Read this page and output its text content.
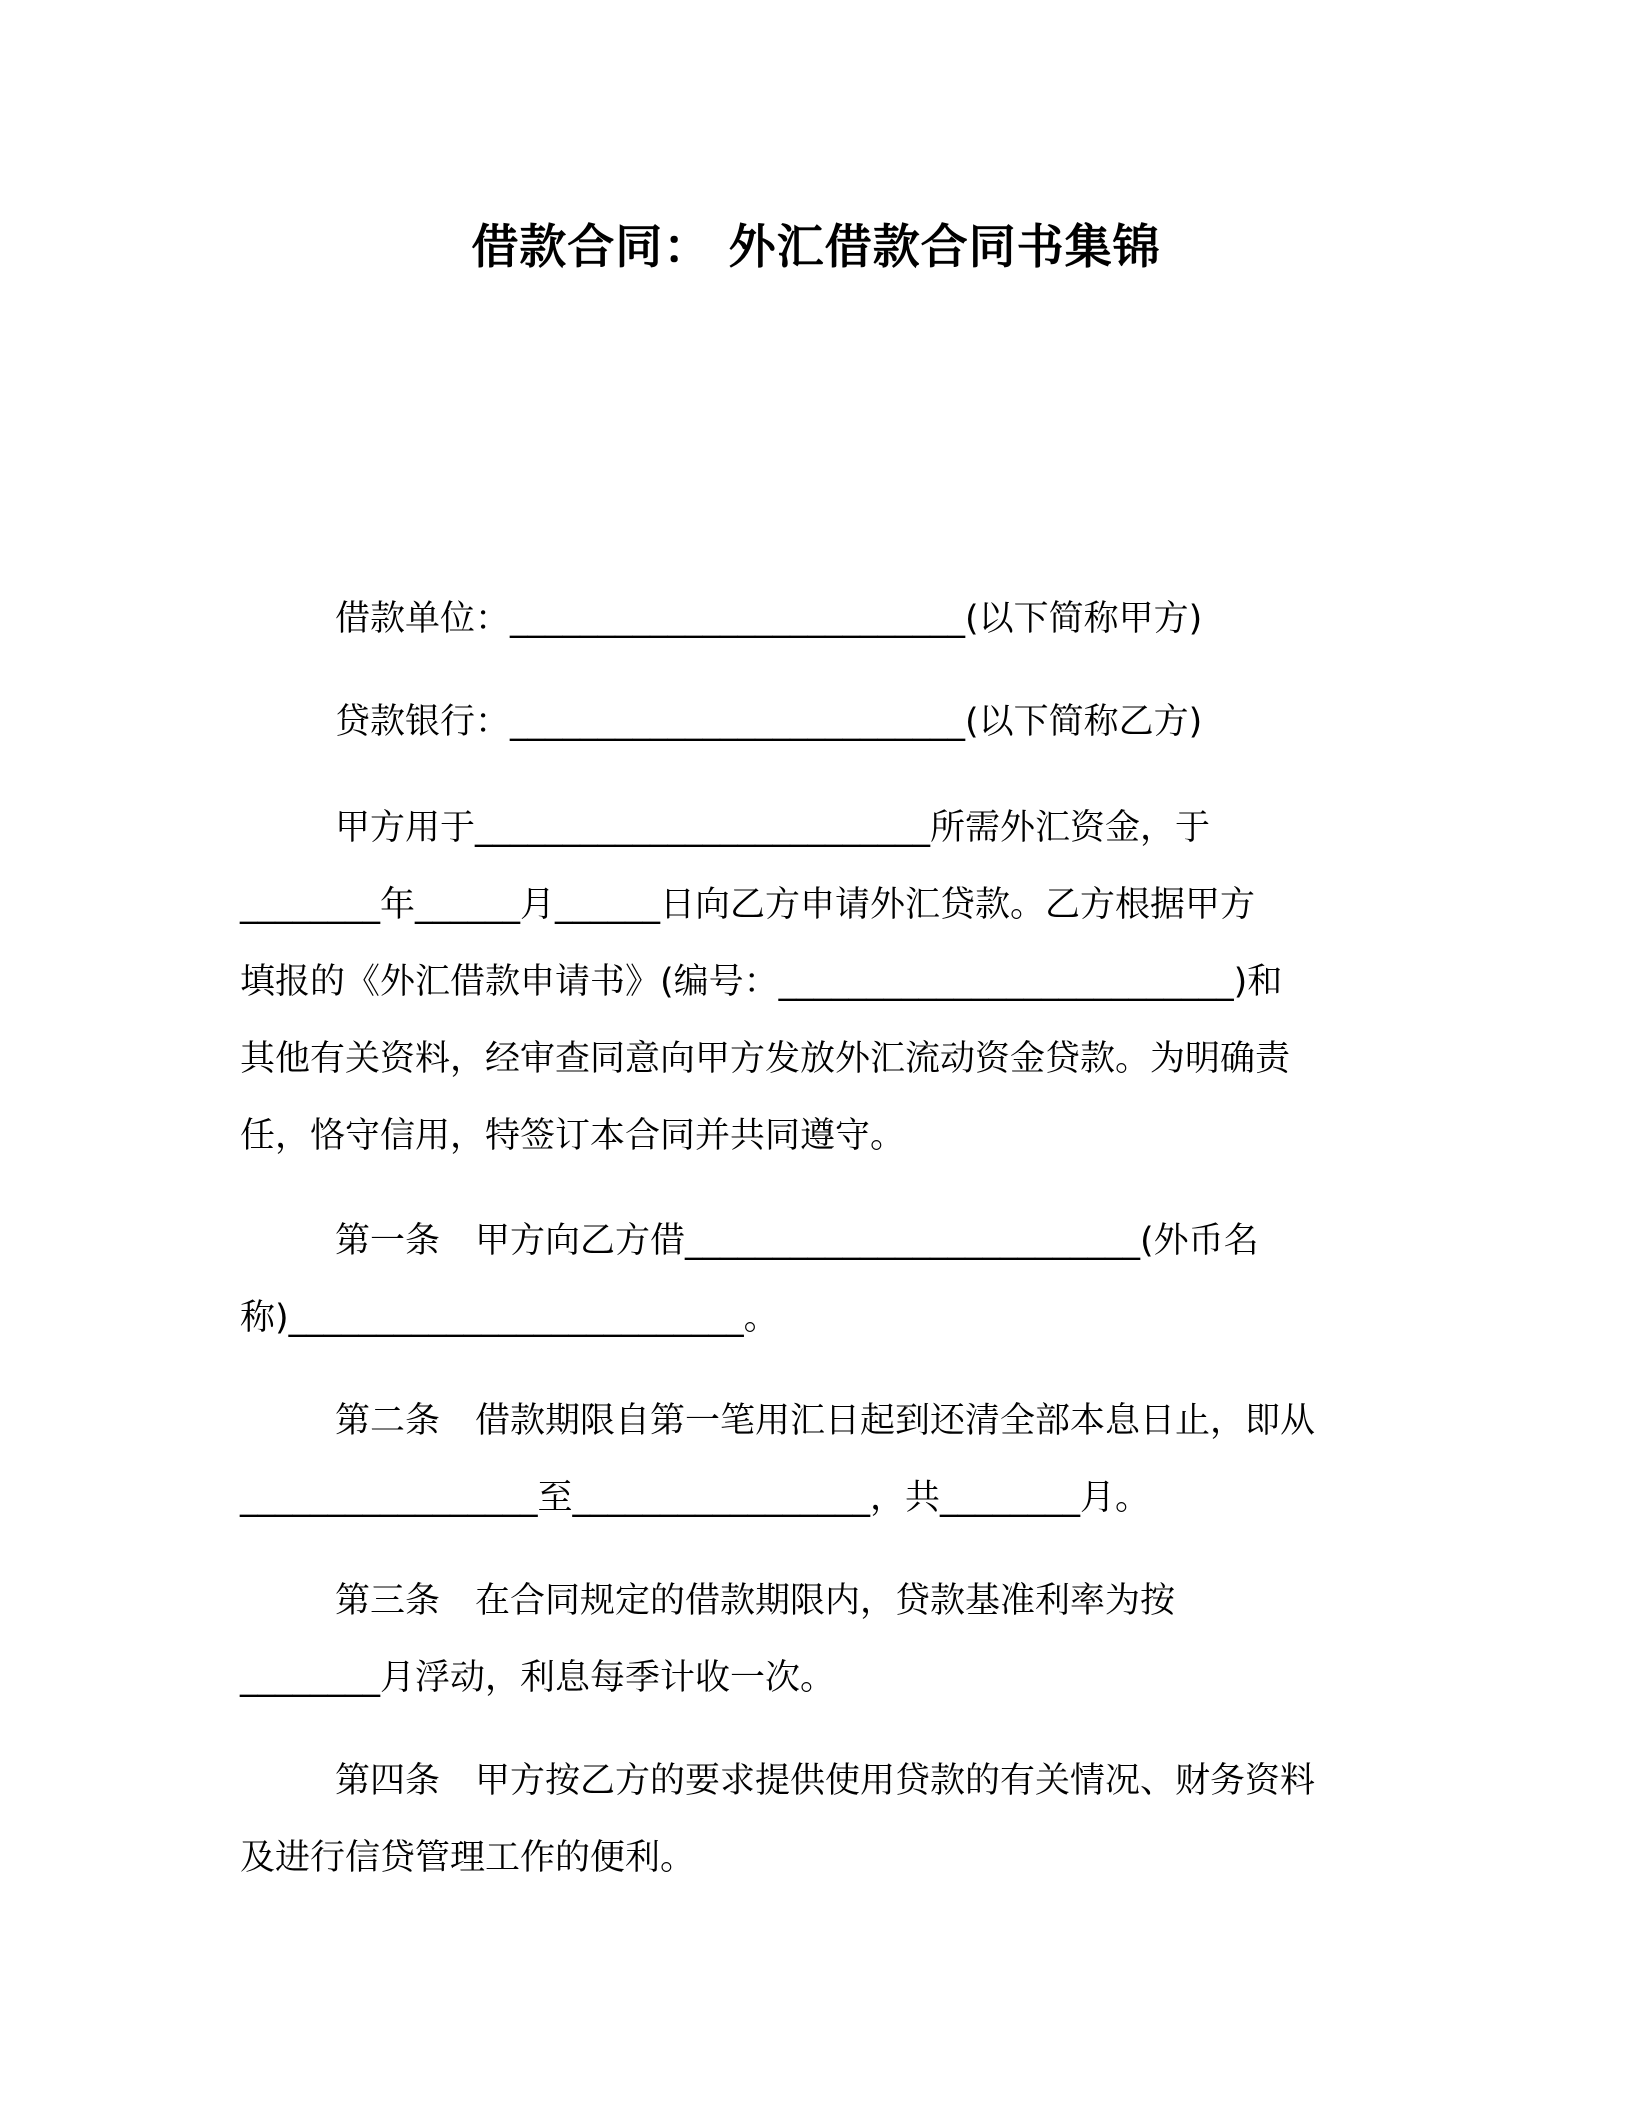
借款合同： 外汇借款合同书集锦

借款单位：__________________________(以下简称甲方)

贷款银行：__________________________(以下简称乙方)

甲方用于__________________________所需外汇资金，于
________年______月______日向乙方申请外汇贷款。乙方根据甲方
填报的《外汇借款申请书》(编号：__________________________)和
其他有关资料，经审查同意向甲方发放外汇流动资金贷款。为明确责
任，恪守信用，特签订本合同并共同遵守。

第一条　甲方向乙方借__________________________(外币名
称)__________________________。

第二条　借款期限自第一笔用汇日起到还清全部本息日止，即从
_________________至_________________，共________月。

第三条　在合同规定的借款期限内，贷款基准利率为按
________月浮动，利息每季计收一次。

第四条　甲方按乙方的要求提供使用贷款的有关情况、财务资料
及进行信贷管理工作的便利。
